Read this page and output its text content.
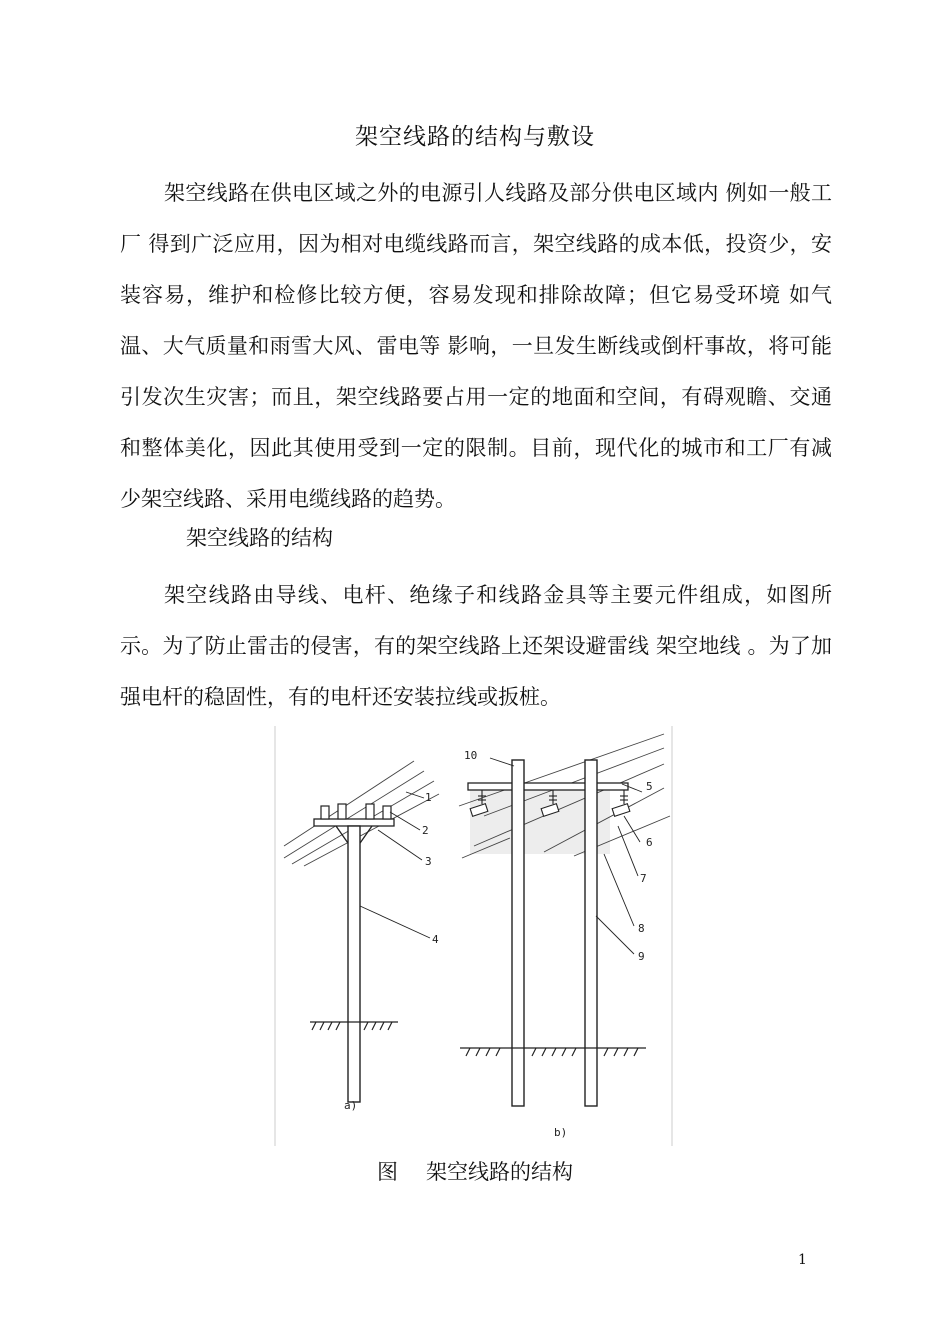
架空线路的结构与敷设

架空线路在供电区域之外的电源引人线路及部分供电区域内 例如一般工厂 得到广泛应用，因为相对电缆线路而言，架空线路的成本低，投资少，安装容易，维护和检修比较方便，容易发现和排除故障；但它易受环境 如气温、大气质量和雨雪大风、雷电等 影响，一旦发生断线或倒杆事故，将可能引发次生灾害；而且，架空线路要占用一定的地面和空间，有碍观瞻、交通和整体美化，因此其使用受到一定的限制。目前，现代化的城市和工厂有减少架空线路、采用电缆线路的趋势。

架空线路的结构

架空线路由导线、电杆、绝缘子和线路金具等主要元件组成，如图所示。为了防止雷击的侵害，有的架空线路上还架设避雷线 架空地线 。为了加强电杆的稳固性，有的电杆还安装拉线或扳桩。

1
2
3
4
a)
10
5
6
7
8
9
b)
图 架空线路的结构
1
